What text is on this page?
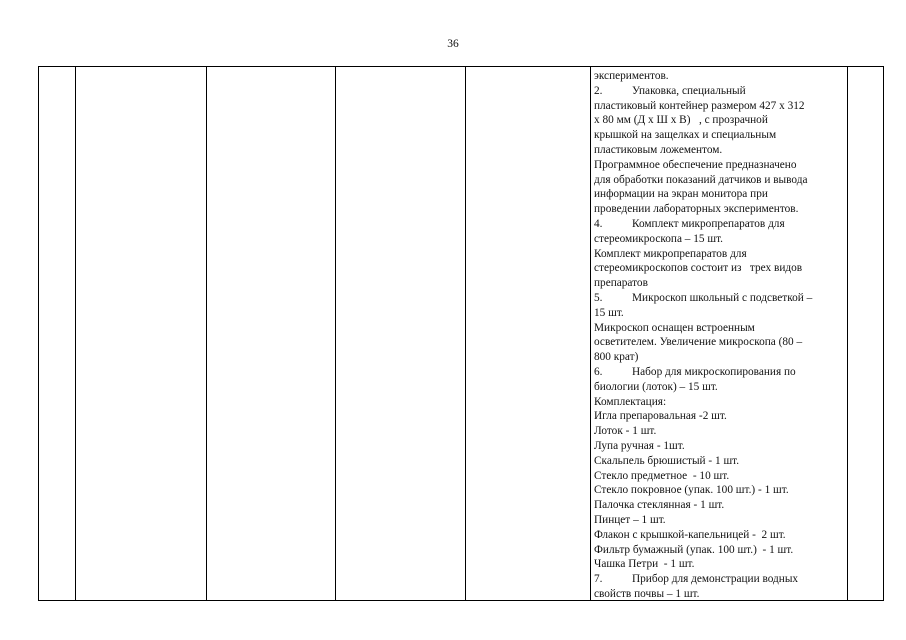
36
экспериментов.
2.	Упаковка, специальный
пластиковый контейнер размером 427 х 312
х 80 мм (Д х Ш х В)   , с прозрачной
крышкой на защелках и специальным
пластиковым ложементом.
Программное обеспечение предназначено
для обработки показаний датчиков и вывода
информации на экран монитора при
проведении лабораторных экспериментов.
4.	Комплект микропрепаратов для
стереомикроскопа – 15 шт.
Комплект микропрепаратов для
стереомикроскопов состоит из   трех видов
препаратов
5.	Микроскоп школьный с подсветкой –
15 шт.
Микроскоп оснащен встроенным
осветителем. Увеличение микроскопа (80 –
800 крат)
6.	Набор для микроскопирования по
биологии (лоток) – 15 шт.
Комплектация:
Игла препаровальная -2 шт.
Лоток - 1 шт.
Лупа ручная - 1шт.
Скальпель брюшистый - 1 шт.
Стекло предметное  - 10 шт.
Стекло покровное (упак. 100 шт.) - 1 шт.
Палочка стеклянная - 1 шт.
Пинцет – 1 шт.
Флакон с крышкой-капельницей -  2 шт.
Фильтр бумажный (упак. 100 шт.)  - 1 шт.
Чашка Петри  - 1 шт.
7.	Прибор для демонстрации водных
свойств почвы – 1 шт.
